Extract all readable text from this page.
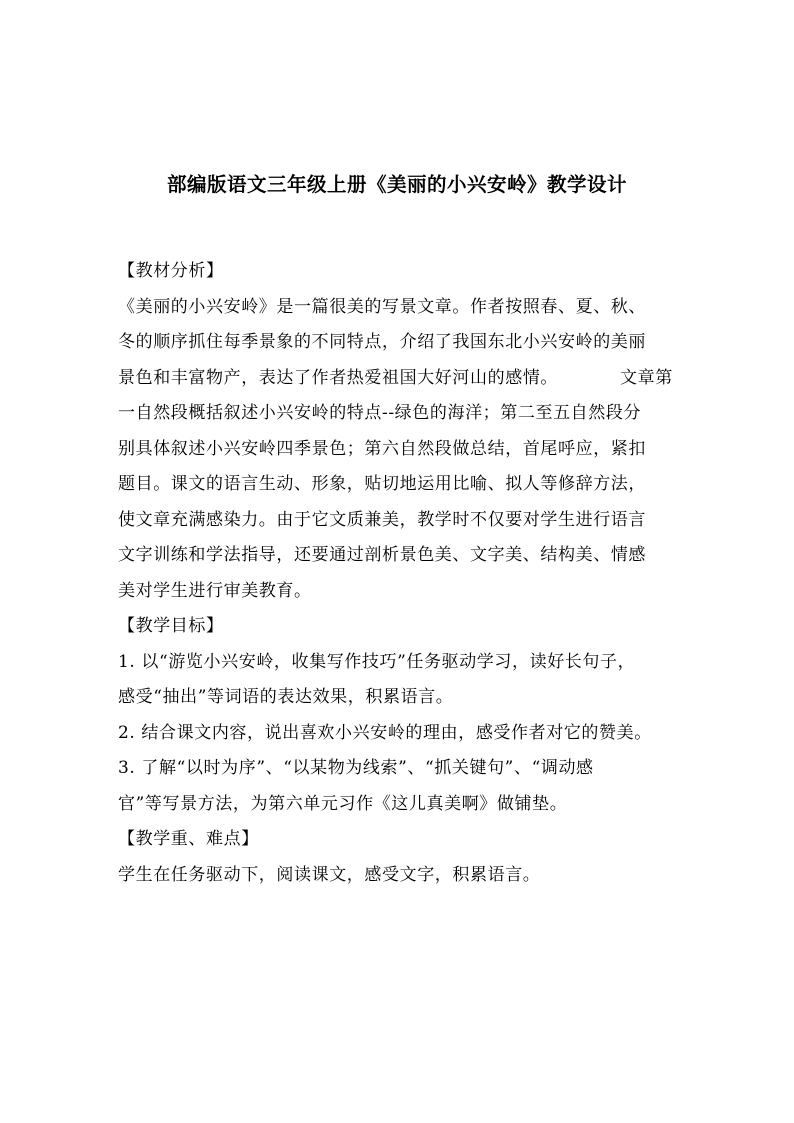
部编版语文三年级上册《美丽的小兴安岭》教学设计
【教材分析】
《美丽的小兴安岭》是一篇很美的写景文章。作者按照春、夏、秋、
冬的顺序抓住每季景象的不同特点，介绍了我国东北小兴安岭的美丽
景色和丰富物产，表达了作者热爱祖国大好河山的感情。	文章第
一自然段概括叙述小兴安岭的特点--绿色的海洋；第二至五自然段分
别具体叙述小兴安岭四季景色；第六自然段做总结，首尾呼应，紧扣
题目。课文的语言生动、形象，贴切地运用比喻、拟人等修辞方法，
使文章充满感染力。由于它文质兼美，教学时不仅要对学生进行语言
文字训练和学法指导，还要通过剖析景色美、文字美、结构美、情感
美对学生进行审美教育。
【教学目标】
1. 以“游览小兴安岭，收集写作技巧”任务驱动学习，读好长句子，
感受“抽出”等词语的表达效果，积累语言。
2. 结合课文内容，说出喜欢小兴安岭的理由，感受作者对它的赞美。
3. 了解“以时为序”、“以某物为线索”、“抓关键句”、“调动感
官”等写景方法，为第六单元习作《这儿真美啊》做铺垫。
【教学重、难点】
学生在任务驱动下，阅读课文，感受文字，积累语言。
